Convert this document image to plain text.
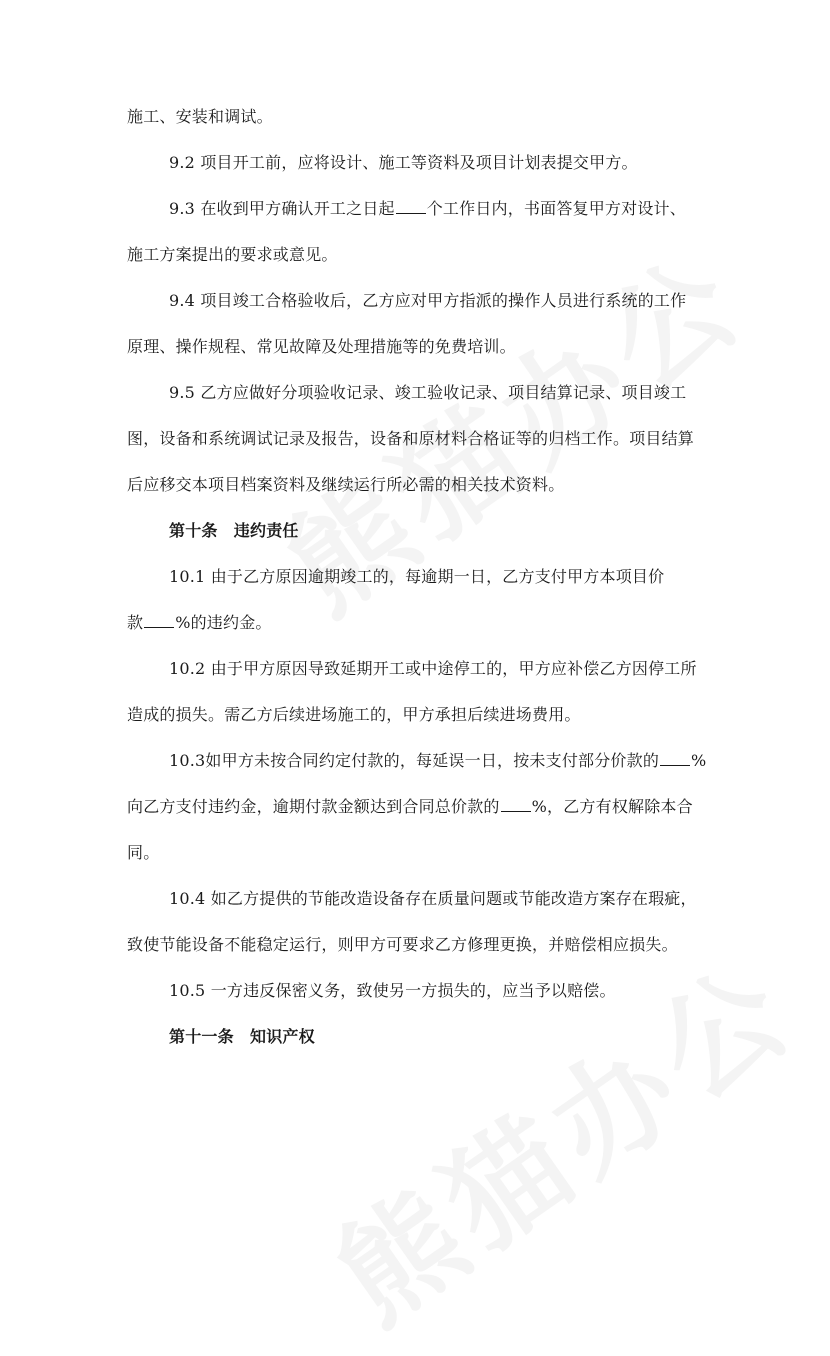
施工、安装和调试。
9.2 项目开工前，应将设计、施工等资料及项目计划表提交甲方。
9.3 在收到甲方确认开工之日起 个工作日内，书面答复甲方对设计、
施工方案提出的要求或意见。
9.4 项目竣工合格验收后，乙方应对甲方指派的操作人员进行系统的工作
原理、操作规程、常见故障及处理措施等的免费培训。
9.5 乙方应做好分项验收记录、竣工验收记录、项目结算记录、项目竣工
图，设备和系统调试记录及报告，设备和原材料合格证等的归档工作。项目结算
后应移交本项目档案资料及继续运行所必需的相关技术资料。
第十条　违约责任
10.1 由于乙方原因逾期竣工的，每逾期一日，乙方支付甲方本项目价
款 %的违约金。
10.2 由于甲方原因导致延期开工或中途停工的，甲方应补偿乙方因停工所
造成的损失。需乙方后续进场施工的，甲方承担后续进场费用。
10.3如甲方未按合同约定付款的，每延误一日，按未支付部分价款的 %
向乙方支付违约金，逾期付款金额达到合同总价款的 %，乙方有权解除本合
同。
10.4 如乙方提供的节能改造设备存在质量问题或节能改造方案存在瑕疵，
致使节能设备不能稳定运行，则甲方可要求乙方修理更换，并赔偿相应损失。
10.5 一方违反保密义务，致使另一方损失的，应当予以赔偿。
第十一条　知识产权
